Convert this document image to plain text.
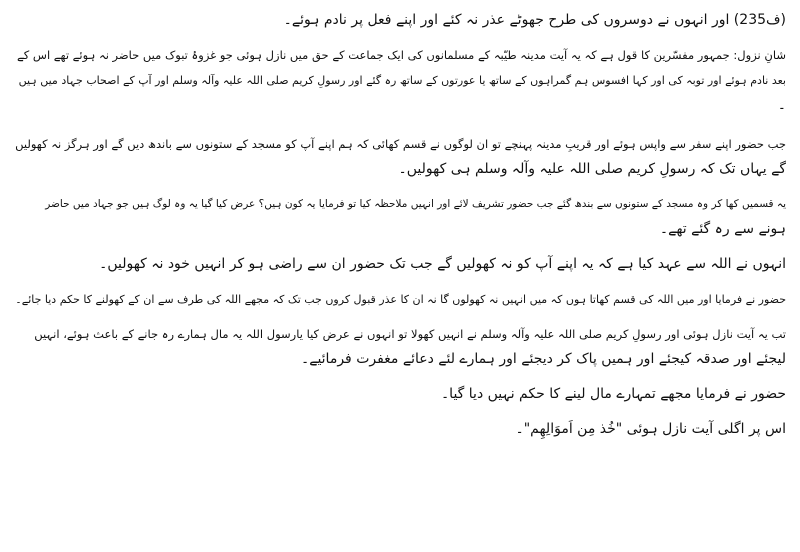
(ف235) اور انہوں نے دوسروں کی طرح جھوٹے عذر نہ کئے اور اپنے فعل پر نادم ہوئے۔
شانِ نزول: جمہور مفسّرین کا قول ہے کہ یہ آیت مدینہ طیّبہ کے مسلمانوں کی ایک جماعت کے حق میں نازل ہوئی جو غزوۂ تبوک میں حاضر نہ ہوئے تھے اس کے
بعد نادم ہوئے اور توبہ کی اور کہا افسوس ہم گمراہوں کے ساتھ یا عورتوں کے ساتھ رہ گئے اور رسولِ کریم صلی اللہ علیہ وآلہ وسلم اور آپ کے اصحاب جہاد میں ہیں
۔
جب حضور اپنے سفر سے واپس ہوئے اور قریبِ مدینہ پہنچے تو ان لوگوں نے قسم کھائی کہ ہم اپنے آپ کو مسجد کے ستونوں سے باندھ دیں گے اور ہرگز نہ کھولیں
گے یہاں تک کہ رسولِ کریم صلی اللہ علیہ وآلہ وسلم ہی کھولیں۔
یہ قسمیں کھا کر وہ مسجد کے ستونوں سے بندھ گئے جب حضور تشریف لائے اور انہیں ملاحظہ کیا تو فرمایا یہ کون ہیں؟ عرض کیا گیا یہ وہ لوگ ہیں جو جہاد میں حاضر
ہونے سے رہ گئے تھے۔
انہوں نے اللہ سے عہد کیا ہے کہ یہ اپنے آپ کو نہ کھولیں گے جب تک حضور ان سے راضی ہو کر انہیں خود نہ کھولیں۔
حضور نے فرمایا اور میں اللہ کی قسم کھاتا ہوں کہ میں انہیں نہ کھولوں گا نہ ان کا عذر قبول کروں جب تک کہ مجھے اللہ کی طرف سے ان کے کھولنے کا حکم دیا جائے۔
تب یہ آیت نازل ہوئی اور رسولِ کریم صلی اللہ علیہ وآلہ وسلم نے انہیں کھولا تو انہوں نے عرض کیا یارسول اللہ یہ مال ہمارے رہ جانے کے باعث ہوئے، انہیں
لیجئے اور صدقہ کیجئے اور ہمیں پاک کر دیجئے اور ہمارے لئے دعائے مغفرت فرمائیے۔
حضور نے فرمایا مجھے تمہارے مال لینے کا حکم نہیں دیا گیا۔
اس پر اگلی آیت نازل ہوئی "خُذ مِن اَموَالِھِم"۔
